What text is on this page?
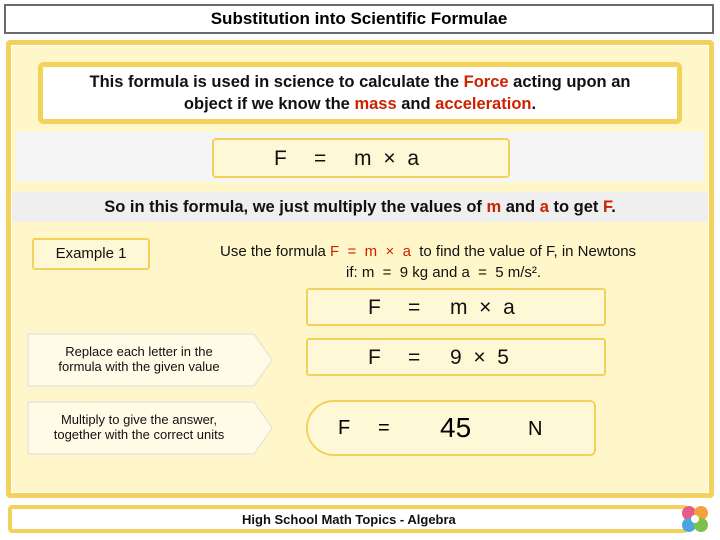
Substitution into Scientific Formulae
This formula is used in science to calculate the Force acting upon an
object if we know the mass and acceleration.
F = m × a
So in this formula, we just multiply the values of m and a to get F.
Example 1	Use the formula F  =  m  ×  a  to find the value of F, in Newtons
if: m  =  9 kg and a  =  5 m/s².
F = m  ×  a
F = 9  ×  5
Replace each letter in the
formula with the given value
Multiply to give the answer,
together with the correct units	F = 45	N
High School Math Topics - Algebra
